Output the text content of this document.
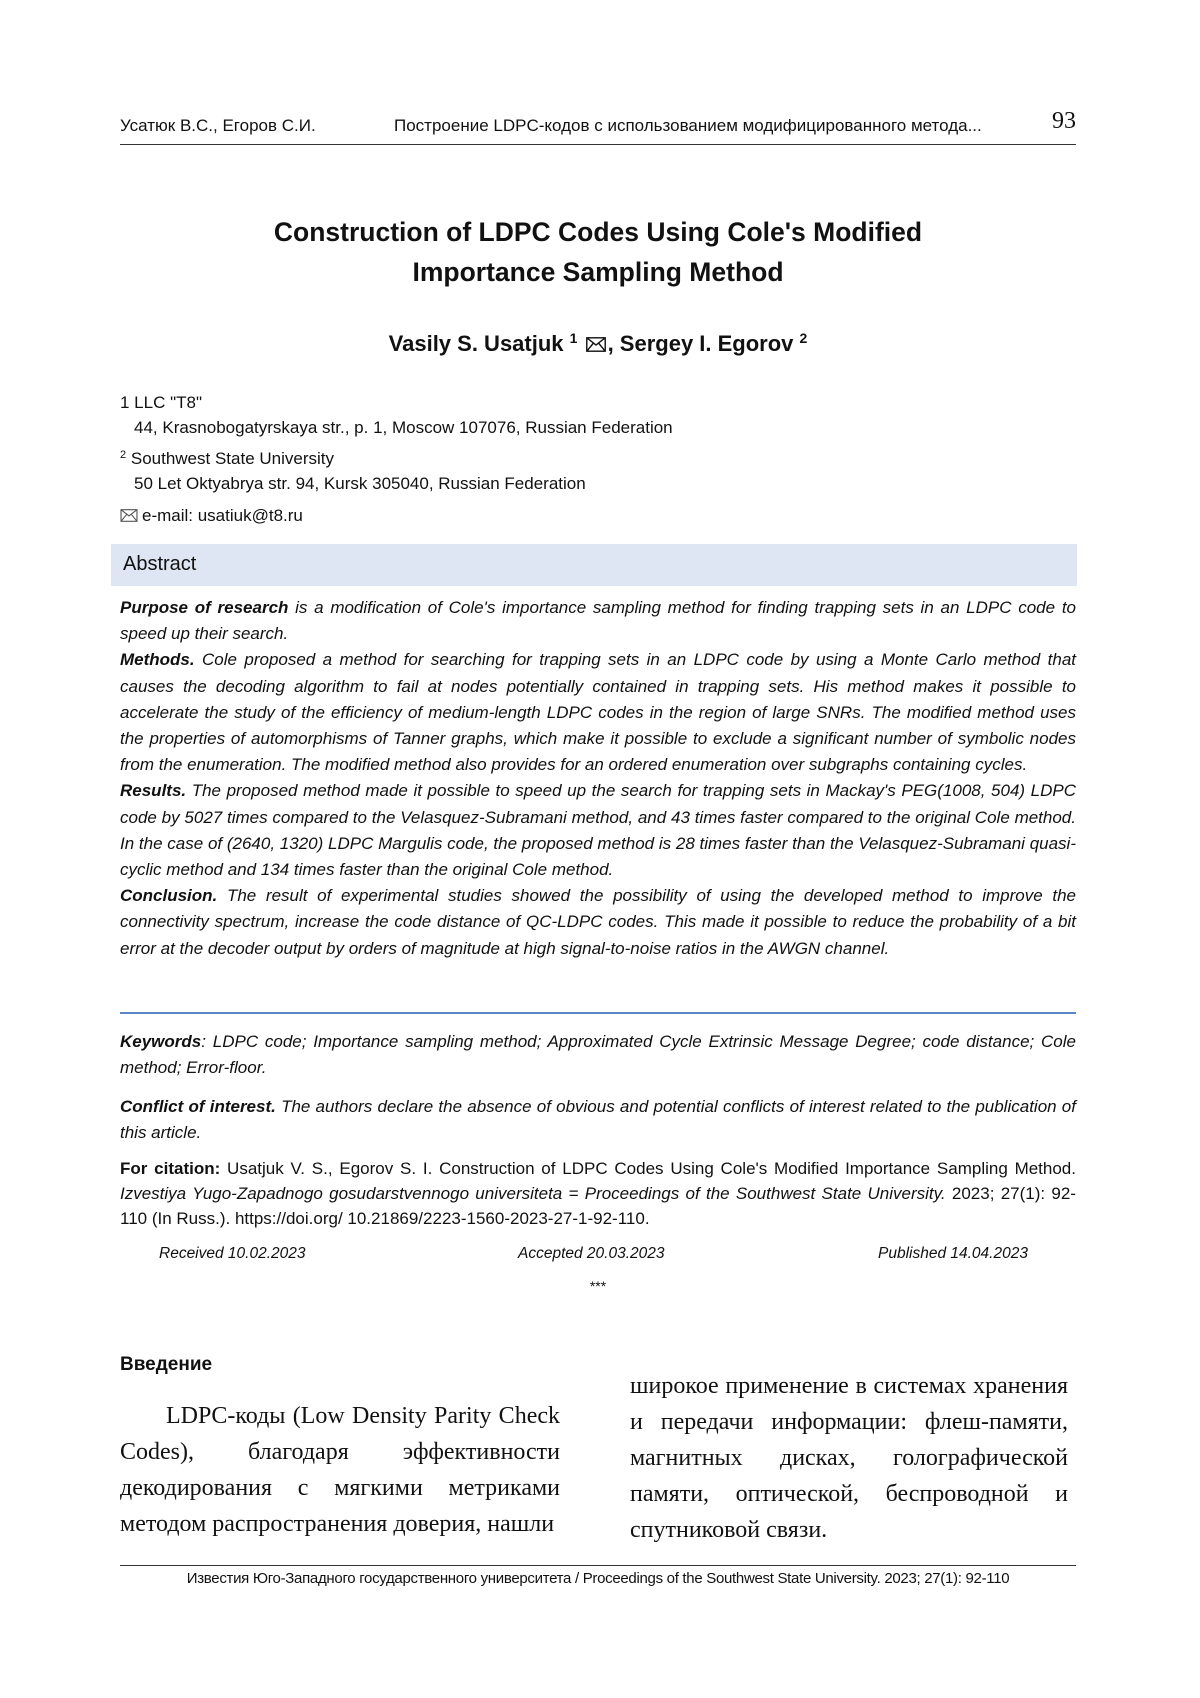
Усатюк В.С., Егоров С.И.	Построение LDPC-кодов с использованием модифицированного метода...	93
Construction of LDPC Codes Using Cole's Modified
Importance Sampling Method
Vasily S. Usatjuk $^1$ , Sergey I. Egorov $^2$
1 LLC "T8"
44, Krasnobogatyrskaya str., p. 1, Moscow 107076, Russian Federation
$^2$ Southwest State University
50 Let Oktyabrya str. 94, Kursk 305040, Russian Federation
e-mail: usatiuk@t8.ru
Abstract

Purpose of research is a modification of Cole's importance sampling method for finding trapping sets in an LDPC code to speed up their search.

Methods. Cole proposed a method for searching for trapping sets in an LDPC code by using a Monte Carlo method that causes the decoding algorithm to fail at nodes potentially contained in trapping sets. His method makes it possible to accelerate the study of the efficiency of medium-length LDPC codes in the region of large SNRs. The modified method uses the properties of automorphisms of Tanner graphs, which make it possible to exclude a significant number of symbolic nodes from the enumeration. The modified method also provides for an ordered enumeration over subgraphs containing cycles.

Results. The proposed method made it possible to speed up the search for trapping sets in Mackay's PEG(1008, 504) LDPC code by 5027 times compared to the Velasquez-Subramani method, and 43 times faster compared to the original Cole method. In the case of (2640, 1320) LDPC Margulis code, the proposed method is 28 times faster than the Velasquez-Subramani quasi-cyclic method and 134 times faster than the original Cole method.

Conclusion. The result of experimental studies showed the possibility of using the developed method to improve the connectivity spectrum, increase the code distance of QC-LDPC codes. This made it possible to reduce the probability of a bit error at the decoder output by orders of magnitude at high signal-to-noise ratios in the AWGN channel.

Keywords: LDPC code; Importance sampling method; Approximated Cycle Extrinsic Message Degree; code distance; Cole method; Error-floor.
Conflict of interest. The authors declare the absence of obvious and potential conflicts of interest related to the publication of this article.
For citation: Usatjuk V. S., Egorov S. I. Construction of LDPC Codes Using Cole's Modified Importance Sampling Method. Izvestiya Yugo-Zapadnogo gosudarstvennogo universiteta = Proceedings of the Southwest State University. 2023; 27(1): 92-110 (In Russ.). https://doi.org/ 10.21869/2223-1560-2023-27-1-92-110.
Received 10.02.2023	Accepted 20.03.2023	Published 14.04.2023
***
Введение

LDPC-коды (Low Density Parity Check Codes), благодаря эффективности декодирования с мягкими метриками методом распространения доверия, нашли

широкое применение в системах хранения и передачи информации: флеш-памяти, магнитных дисках, голографической памяти, оптической, беспроводной и спутниковой связи.

Известия Юго-Западного государственного университета / Proceedings of the Southwest State University. 2023; 27(1): 92-110
